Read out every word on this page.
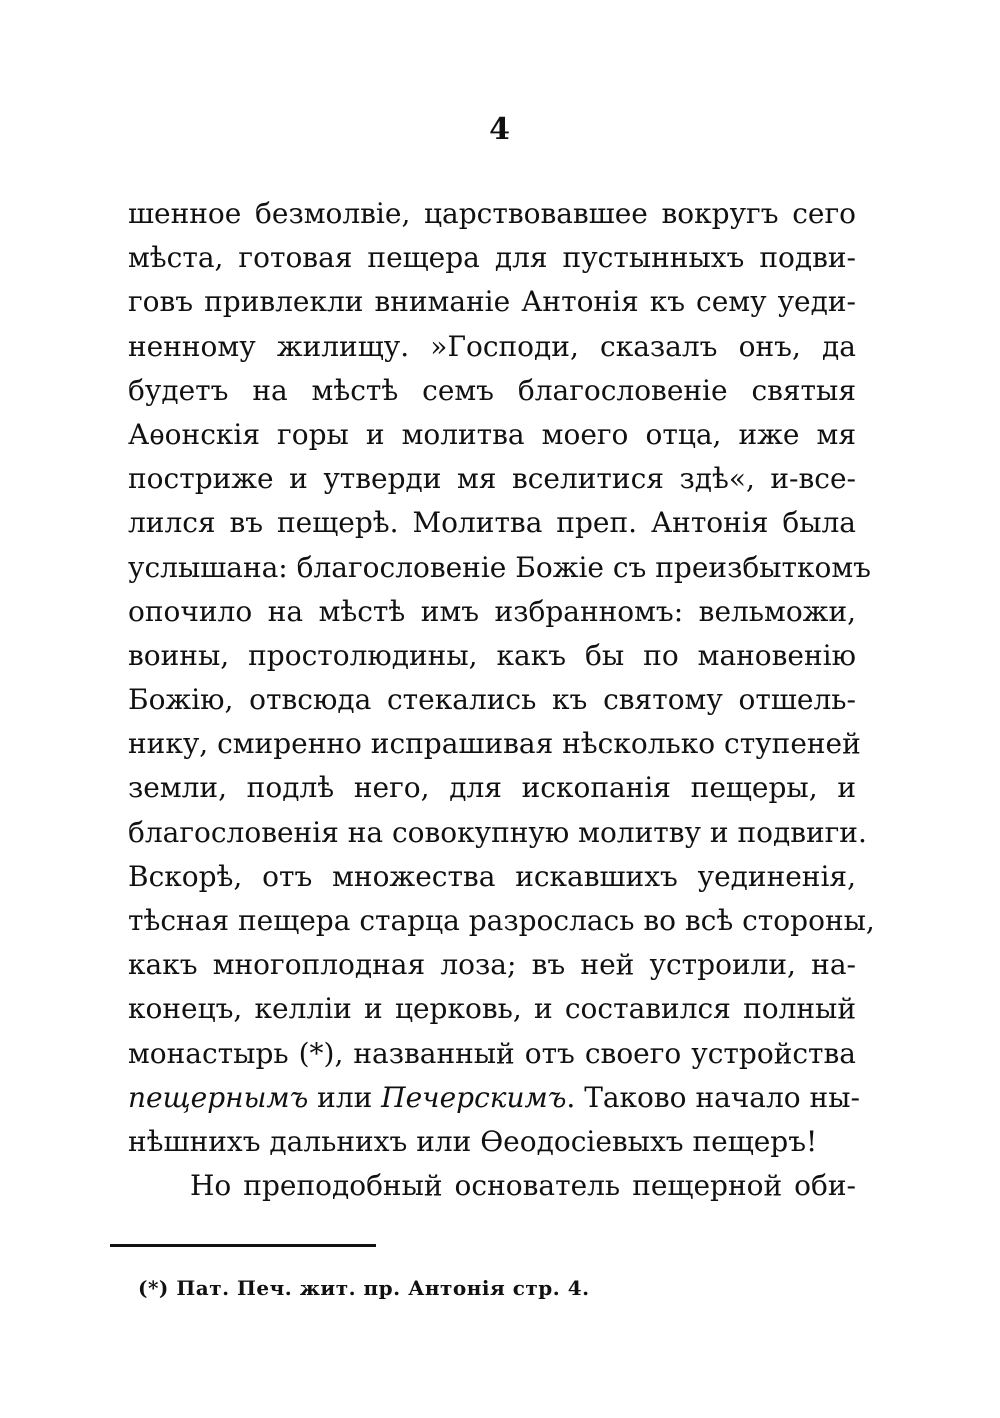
4
шенное безмолвіе, царствовавшее вокругъ сего
мѣста, готовая пещера для пустынныхъ подви-
говъ привлекли вниманіе Антонія къ сему уеди-
ненному жилищу. »Господи, сказалъ онъ, да
будетъ на мѣстѣ семъ благословеніе святыя
Аѳонскія горы и молитва моего отца, иже мя
постриже и утверди мя вселитися здѣ«, и-все-
лился въ пещерѣ. Молитва преп. Антонія была
услышана: благословеніе Божіе съ преизбыткомъ
опочило на мѣстѣ имъ избранномъ: вельможи,
воины, простолюдины, какъ бы по мановенію
Божію, отвсюда стекались къ святому отшель-
нику, смиренно испрашивая нѣсколько ступеней
земли, подлѣ него, для ископанія пещеры, и
благословенія на совокупную молитву и подвиги.
Вскорѣ, отъ множества искавшихъ уединенія,
тѣсная пещера старца разрослась во всѣ стороны,
какъ многоплодная лоза; въ ней устроили, на-
конецъ, келліи и церковь, и составился полный
монастырь (*), названный отъ своего устройства
пещернымъ или Печерскимъ. Таково начало ны-
нѣшнихъ дальнихъ или Ѳеодосіевыхъ пещеръ!
Но преподобный основатель пещерной оби-
(*) Пат. Печ. жит. пр. Антонія стр. 4.
